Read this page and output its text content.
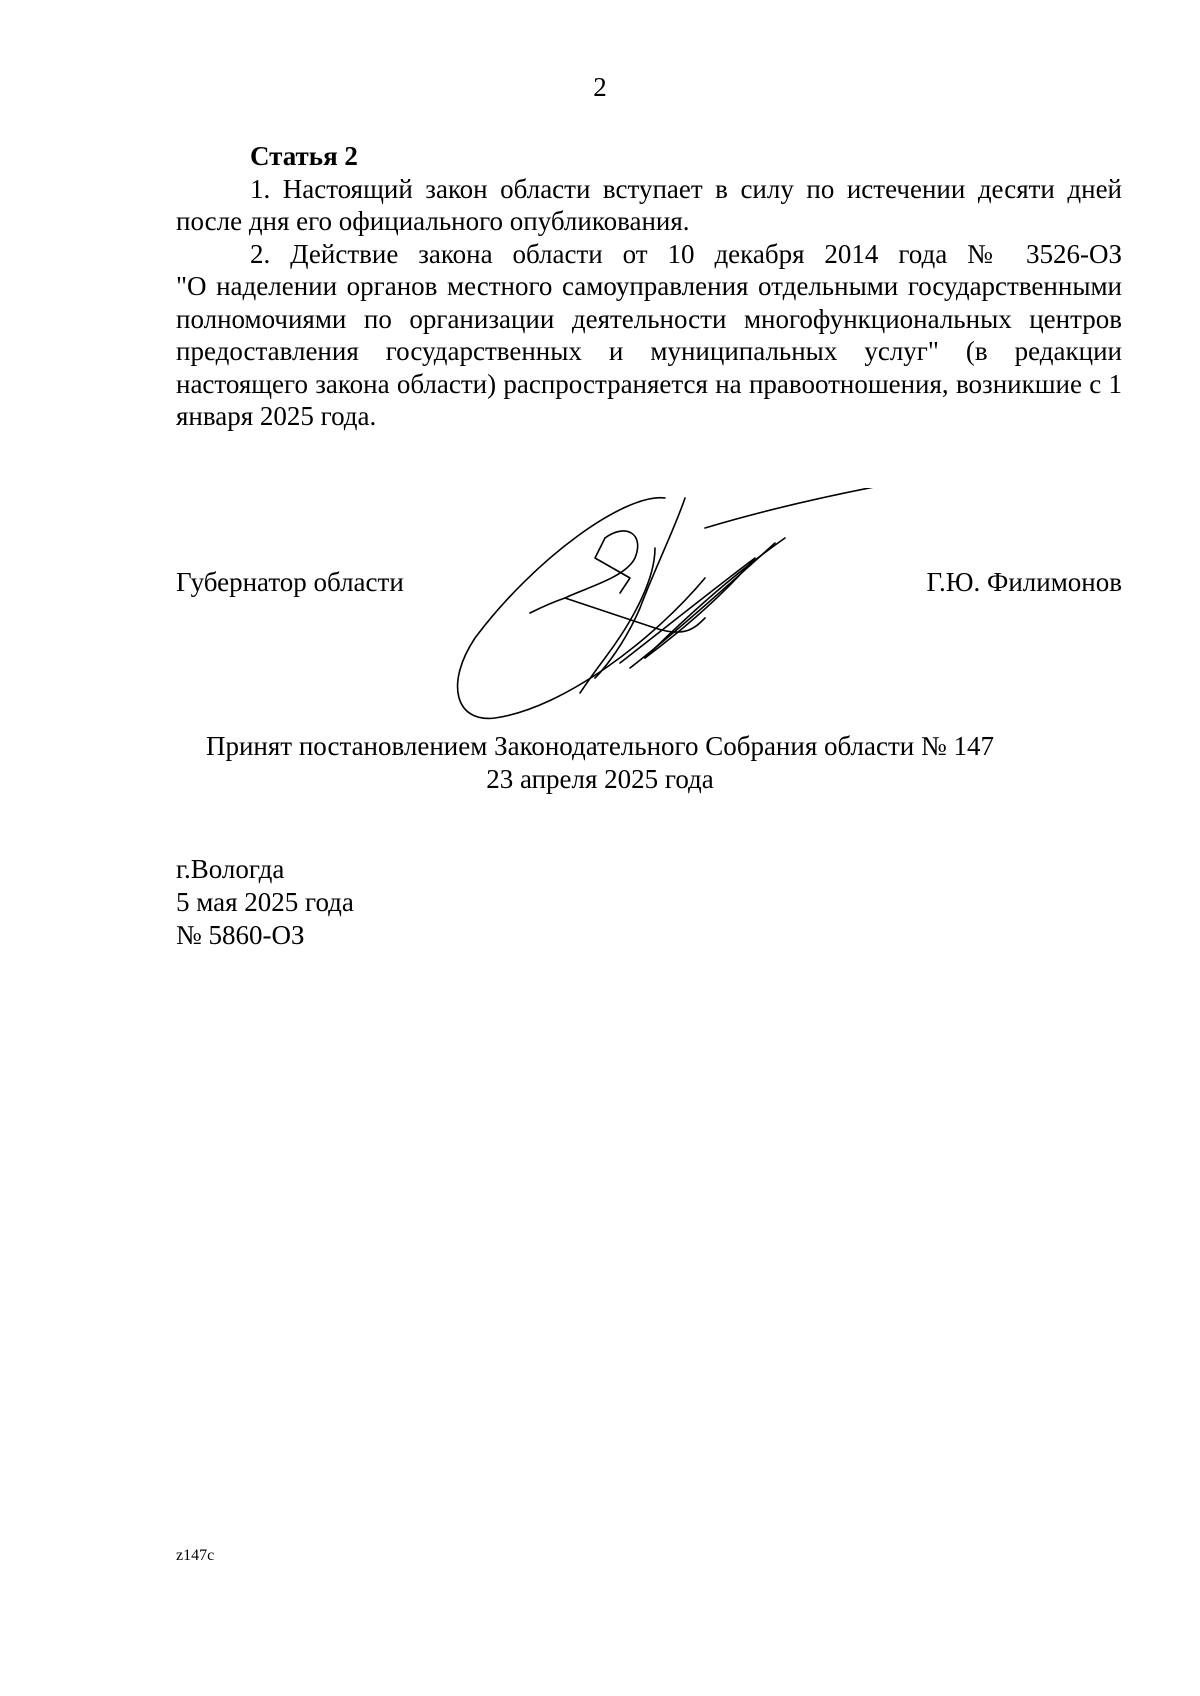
2
Статья 2

1. Настоящий закон области вступает в силу по истечении десяти дней после дня его официального опубликования.

2. Действие закона области от 10 декабря 2014 года № 3526-ОЗ
"О наделении органов местного самоуправления отдельными государственными полномочиями по организации деятельности многофункциональных центров предоставления государственных и муниципальных услуг" (в редакции настоящего закона области) распространяется на правоотношения, возникшие с 1 января 2025 года.

Губернатор области	Г.Ю. Филимонов
Принят постановлением Законодательного Собрания области № 147
23 апреля 2025 года
г.Вологда
5 мая 2025 года
№ 5860-ОЗ
z147c
